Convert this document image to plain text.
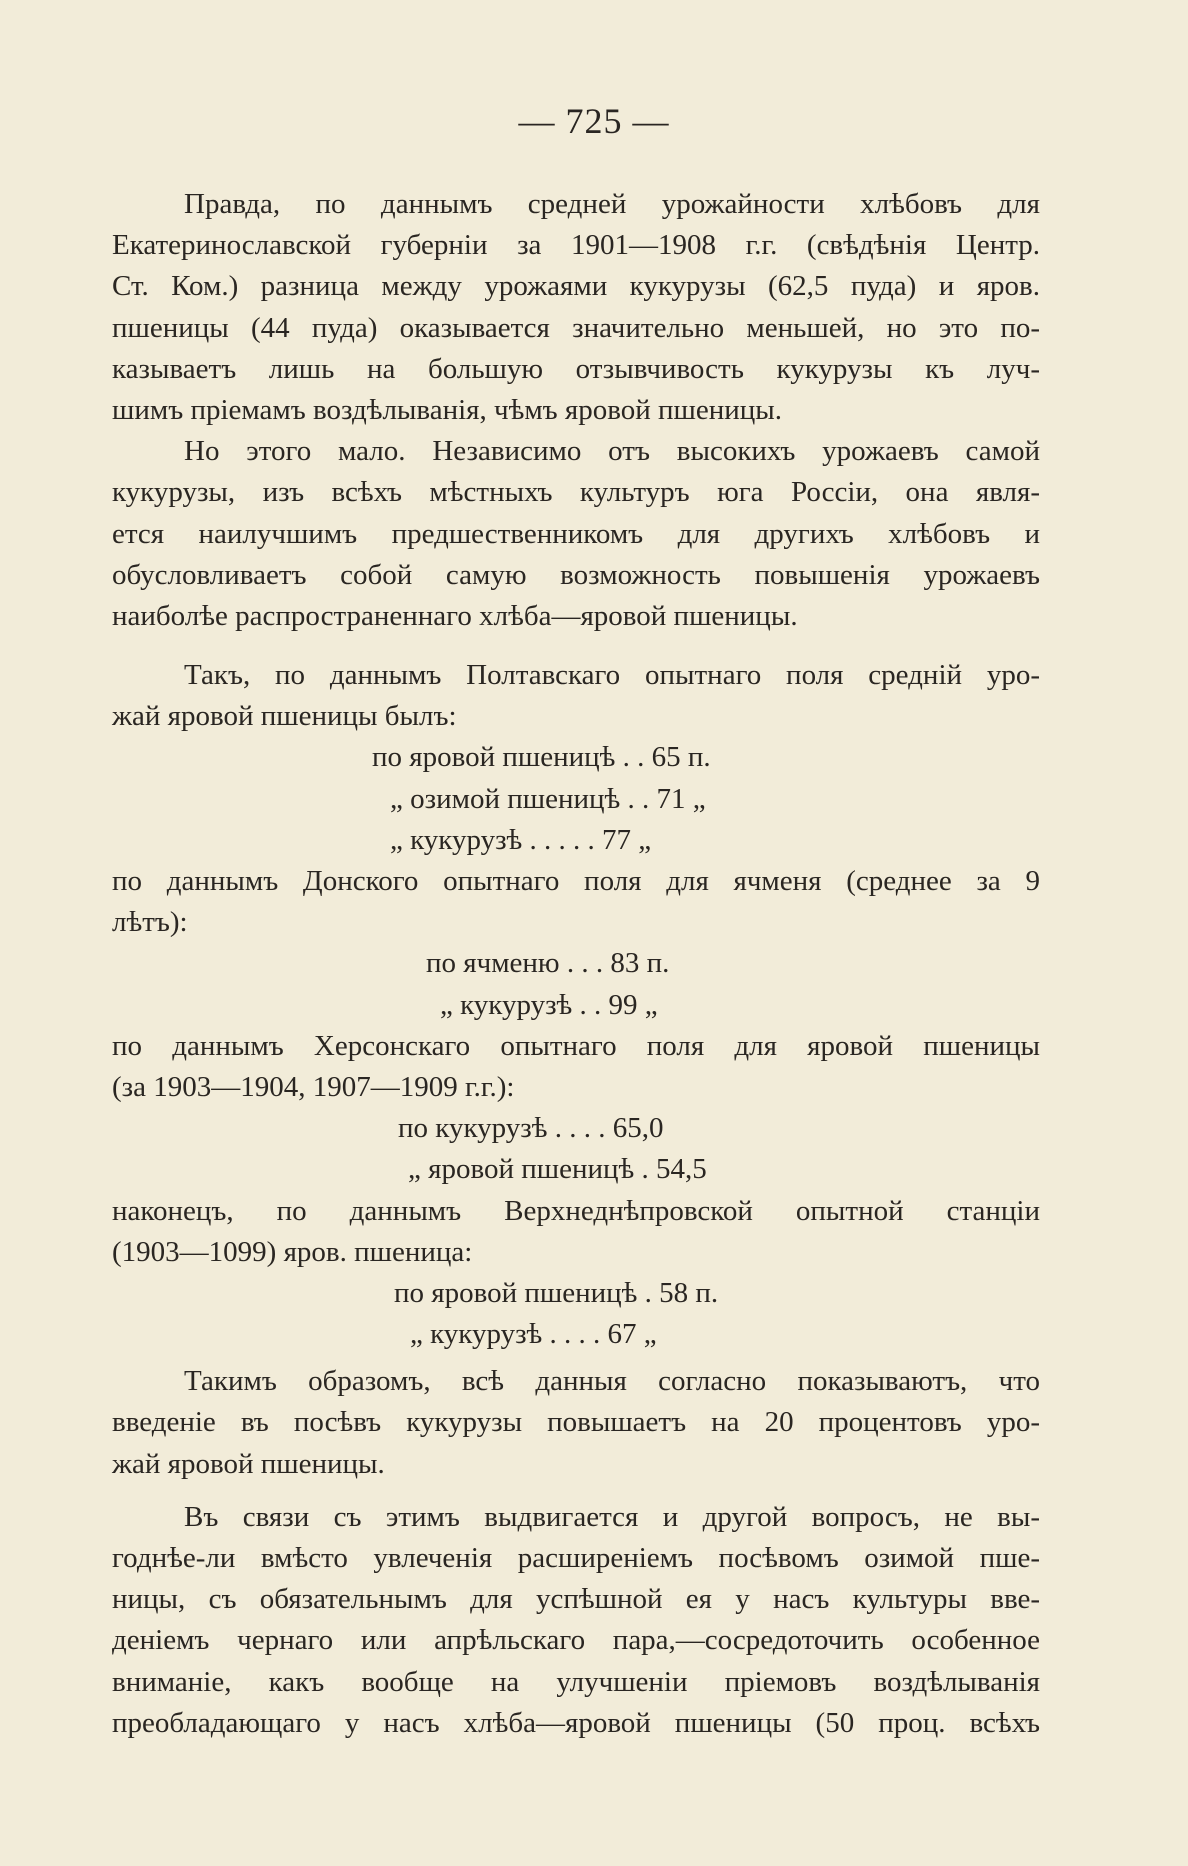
— 725 —
Правда, по даннымъ средней урожайности хлѣбовъ для
Екатеринославской губерніи за 1901—1908 г.г. (свѣдѣнія Центр.
Ст. Ком.) разница между урожаями кукурузы (62,5 пуда) и яров.
пшеницы (44 пуда) оказывается значительно меньшей, но это по-
казываетъ лишь на большую отзывчивость кукурузы къ луч-
шимъ пріемамъ воздѣлыванія, чѣмъ яровой пшеницы.
Но этого мало. Независимо отъ высокихъ урожаевъ самой
кукурузы, изъ всѣхъ мѣстныхъ культуръ юга Россіи, она явля-
ется наилучшимъ предшественникомъ для другихъ хлѣбовъ и
обусловливаетъ собой самую возможность повышенія урожаевъ
наиболѣе распространеннаго хлѣба—яровой пшеницы.
Такъ, по даннымъ Полтавскаго опытнаго поля средній уро-
жай яровой пшеницы былъ:
по яровой пшеницѣ . . 65 п.
„ озимой пшеницѣ . . 71 „
„ кукурузѣ . . . . . 77 „
по даннымъ Донского опытнаго поля для ячменя (среднее за 9
лѣтъ):
по ячменю . . . 83 п.
„ кукурузѣ . . 99 „
по даннымъ Херсонскаго опытнаго поля для яровой пшеницы
(за 1903—1904, 1907—1909 г.г.):
по кукурузѣ . . . . 65,0
„ яровой пшеницѣ . 54,5
наконецъ, по даннымъ Верхнеднѣпровской опытной станціи
(1903—1099) яров. пшеница:
по яровой пшеницѣ . 58 п.
„ кукурузѣ . . . . 67 „
Такимъ образомъ, всѣ данныя согласно показываютъ, что
введеніе въ посѣвъ кукурузы повышаетъ на 20 процентовъ уро-
жай яровой пшеницы.
Въ связи съ этимъ выдвигается и другой вопросъ, не вы-
годнѣе-ли вмѣсто увлеченія расширеніемъ посѣвомъ озимой пше-
ницы, съ обязательнымъ для успѣшной ея у насъ культуры вве-
деніемъ чернаго или апрѣльскаго пара,—сосредоточить особенное
вниманіе, какъ вообще на улучшеніи пріемовъ воздѣлыванія
преобладающаго у насъ хлѣба—яровой пшеницы (50 проц. всѣхъ
